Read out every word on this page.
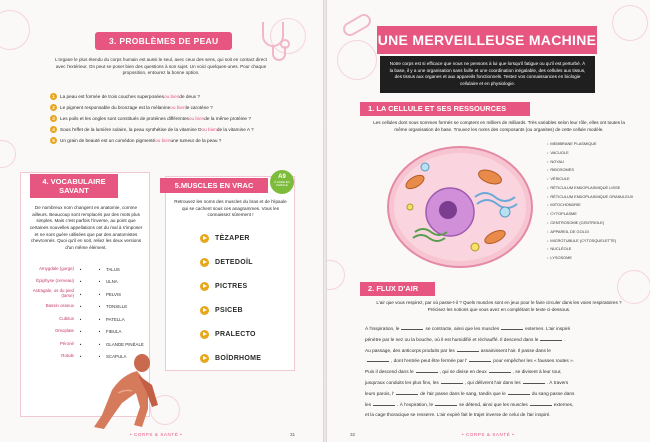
3. PROBLÈMES DE PEAU

L'organe le plus étendu du corps humain est aussi le seul, avec ceux des sens, qui soit en contact direct avec l'extérieur. On peut se poser bien des questions à son sujet. Un voici quelques-unes. Pour chaque proposition, entourez la bonne option.

1	La peau est formée de trois couches superposées ou bien de deux ?
2	Le pigment responsable du bronzage est la mélanine ou bien le carotène ?
3	Les poils et les ongles sont constitués de protéines différentes ou bien de la même protéine ?
4	Sous l'effet de la lumière solaire, la peau synthétise de la vitamine D ou bien de la vitamine A ?
5	Un grain de beauté est un comédon pigmenté ou bien une tumeur de la peau ?
4. VOCABULAIRE SAVANT

De nombreux nom changent en anatomie, comme ailleurs. Beaucoup sont remplacés par des mots plus simples. Mais c'est parfois l'inverse, au point que certaines nouvelles appellations ont du mal à s'imposer et ne sont guère utilisées que par des anatomistes chevronnés. Quoi qu'il en soit, reliez les deux versions d'un même élément.

Amygdale (gorge)	•	•	TALUS
Épiphyse (cerveau)	•	•	ULNA
Astragale, os du pied (tarse)	•	•	PELVIS
Bassin osseux	•	•	TONSILLE
Cubitus	•	•	PATELLA
Omoplate	•	•	FIBULA
Péroné	•	•	GLANDE PINÉALE
Rotule	•	•	SCAPULA
5.MUSCLES EN VRAC
A9
À FAIRE EN FAMILLE

Retrouvez les noms des muscles du bras et de l'épaule qui se cachent sous ces anagrammes. Vous les connaissez sûrement !

TÈZAPER
DETEDOÏL
PICTRES
PSICEB
PRALECTO
BOÏDRHOME
• CORPS & SANTÉ •	31
UNE MERVEILLEUSE MACHINE
Notre corps est si efficace que nous ne pensons à lui que lorsqu'il fatigue ou qu'il est perturbé. À la base, il y a une organisation sans faille et une coordination inégalable, des cellules aux tissus, des tissus aux organes et aux appareils fonctionnels. Testez vos connaissances en biologie cellulaire et en physiologie.
1. LA CELLULE ET SES RESSOURCES

Les cellules dont nous sommes formés se comptent en milliers de milliards. Très variables selon leur rôle, elles ont toutes la même organisation de base. Trouvez les noms des composants (ou organites) de cette cellule modèle.

• MEMBRANE PLASMIQUE
• VACUOLE
• NOYAU
• RIBOSOMES
• VÉSICULE
• RÉTICULUM ENDOPLASMIQUE LISSE
• RÉTICULUM ENDOPLASMIQUE GRANULEUX
• MITOCHONDRIE
• CYTOPLASME
• CENTROSOME (CENTRIOLE)
• APPAREIL DE GOLGI
• MICROTUBULE (CYTOSQUELETTE)
• NUCLÉOLE
• LYSOSOME
2. FLUX D'AIR

L'air que vous respirez, par où passe-t-il ? Quels muscles sont en jeux pour le faire circuler dans les voies respiratoires ? Précisez les notions que vous avez en complétant le texte ci-dessous.

À l'inspiration, le	se contracte, ainsi que les muscles	externes. L'air inspiré
pénètre par le nez ou la bouche, où il est humidifié et réchauffé. Il descend dans le	.
Au passage, des anticorps produits par les	assainissent l'air. Il passe dans le
, dont l'entrée peut être fermée par l'	pour empêcher les « fausses routes ».
Puis il descend dans le	, qui se divise en deux	, se divisent à leur tour,
jusqu'aux conduits les plus fins, les	, qui délivrent l'air dans les	. À travers
leurs parois, l'	de l'air passe dans le sang, tandis que le	du sang passe dans
les	. À l'expiration, le	se détend, ainsi que les muscles	externes,
et la cage thoracique se resserre. L'air expiré fait le trajet inverse de celui de l'air inspiré.
• CORPS & SANTÉ •
32
